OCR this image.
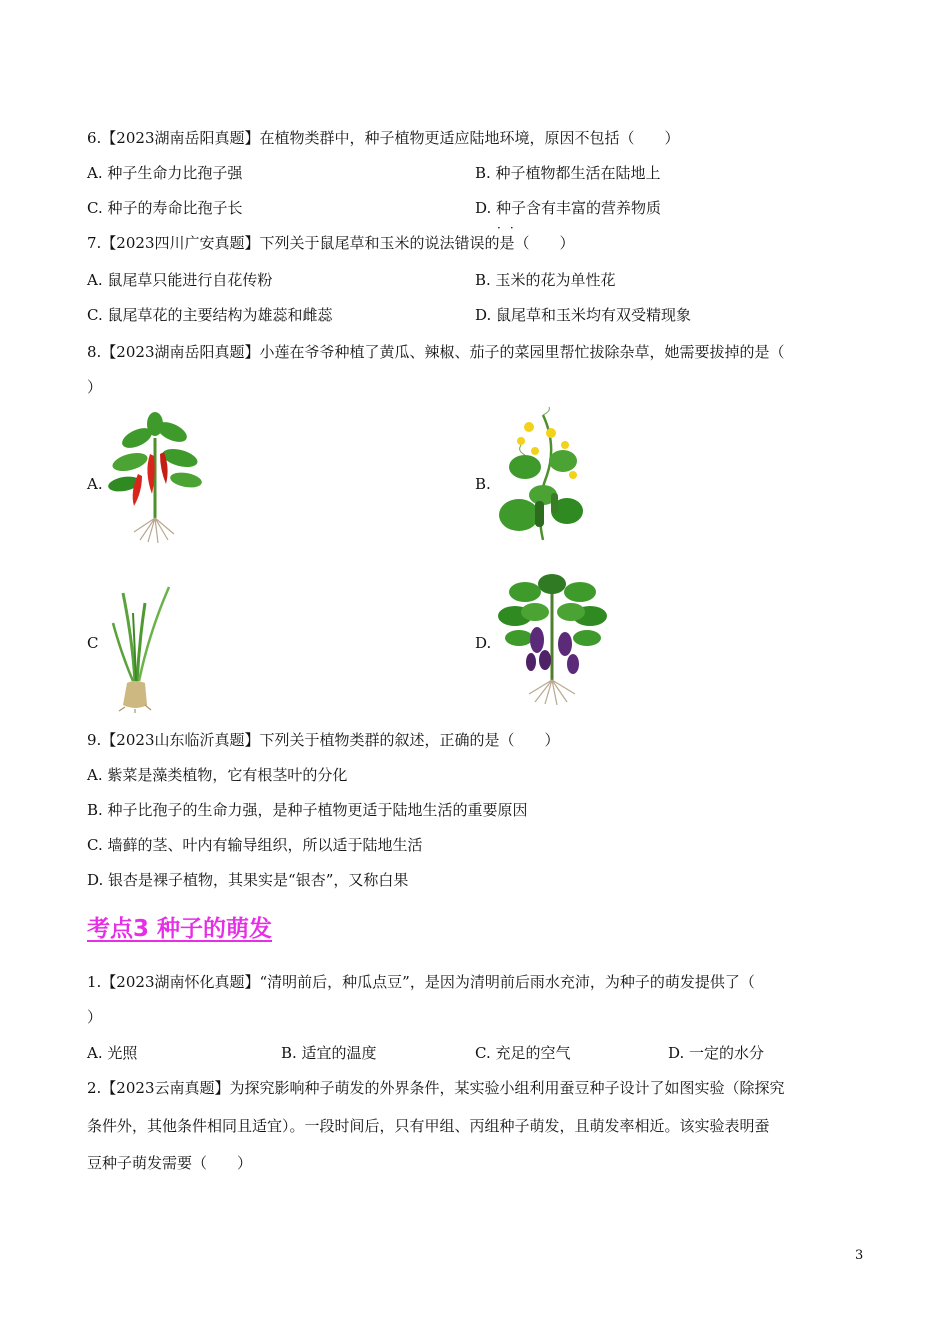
6.【2023湖南岳阳真题】在植物类群中，种子植物更适应陆地环境，原因不包括（　　）
A. 种子生命力比孢子强	B. 种子植物都生活在陆地上
C. 种子的寿命比孢子长	D. 种子含有丰富的营养物质
7.【2023四川广安真题】下列关于鼠尾草和玉米的说法错误的是（　　）
··
A. 鼠尾草只能进行自花传粉	B. 玉米的花为单性花
C. 鼠尾草花的主要结构为雄蕊和雌蕊	D. 鼠尾草和玉米均有双受精现象
8.【2023湖南岳阳真题】小莲在爷爷种植了黄瓜、辣椒、茄子的菜园里帮忙拔除杂草，她需要拔掉的是（
）
A.	B.
C	D.
9.【2023山东临沂真题】下列关于植物类群的叙述，正确的是（　　）
A. 紫菜是藻类植物，它有根茎叶的分化
B. 种子比孢子的生命力强，是种子植物更适于陆地生活的重要原因
C. 墙藓的茎、叶内有输导组织，所以适于陆地生活
D. 银杏是裸子植物，其果实是“银杏”，又称白果
考点3 种子的萌发
1.【2023湖南怀化真题】“清明前后，种瓜点豆”，是因为清明前后雨水充沛，为种子的萌发提供了（
）
A. 光照	B. 适宜的温度	C. 充足的空气	D. 一定的水分
2.【2023云南真题】为探究影响种子萌发的外界条件，某实验小组利用蚕豆种子设计了如图实验（除探究
条件外，其他条件相同且适宜）。一段时间后，只有甲组、丙组种子萌发，且萌发率相近。该实验表明蚕
豆种子萌发需要（　　）
3
